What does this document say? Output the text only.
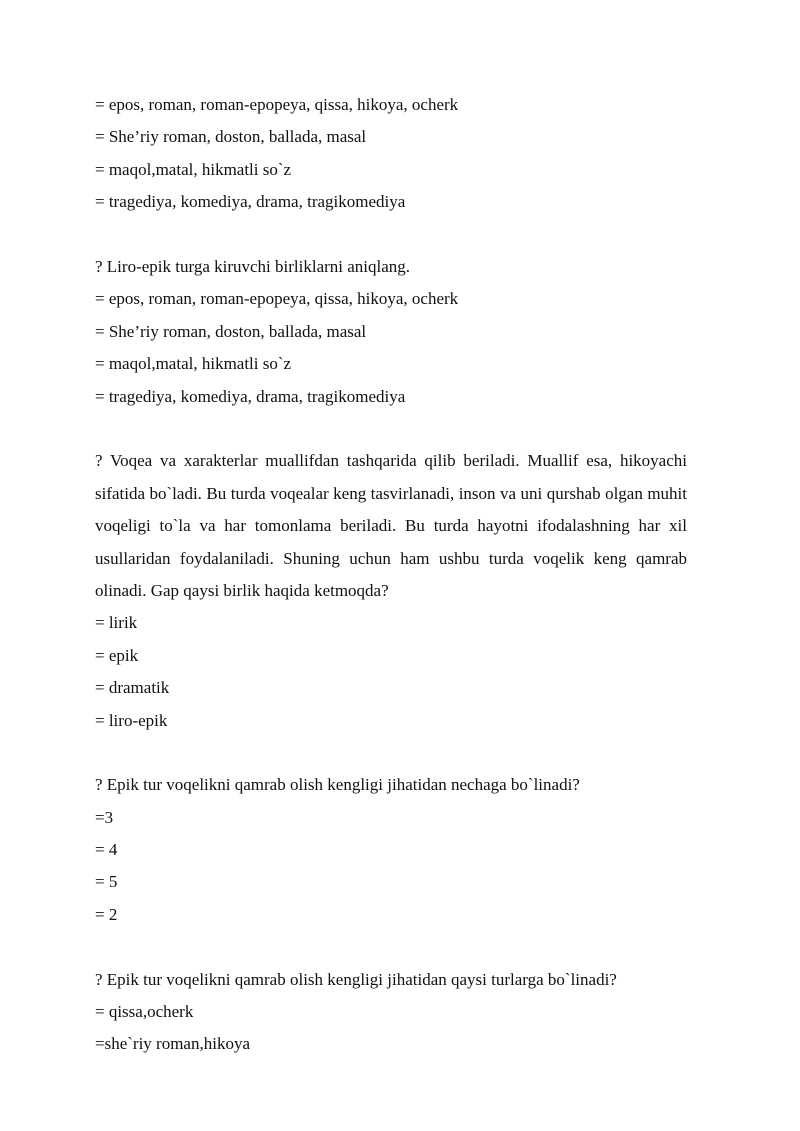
= epos, roman, roman-epopeya, qissa, hikoya, ocherk
= She’riy roman, doston, ballada, masal
= maqol,matal, hikmatli so`z
= tragediya, komediya, drama, tragikomediya
? Liro-epik turga kiruvchi birliklarni aniqlang.
= epos, roman, roman-epopeya, qissa, hikoya, ocherk
= She’riy roman, doston, ballada, masal
= maqol,matal, hikmatli so`z
= tragediya, komediya, drama, tragikomediya

? Voqea va xarakterlar muallifdan tashqarida qilib beriladi. Muallif esa, hikoyachi sifatida bo`ladi. Bu turda voqealar keng tasvirlanadi, inson va uni qurshab olgan muhit voqeligi to`la va har tomonlama beriladi. Bu turda hayotni ifodalashning har xil usullaridan foydalaniladi. Shuning uchun ham ushbu turda voqelik keng qamrab olinadi. Gap qaysi birlik haqida ketmoqda?

= lirik
= epik
= dramatik
= liro-epik
? Epik tur voqelikni qamrab olish kengligi jihatidan nechaga bo`linadi?
=3
= 4
= 5
= 2
? Epik tur voqelikni qamrab olish kengligi jihatidan qaysi turlarga bo`linadi?
= qissa,ocherk
=she`riy roman,hikoya
